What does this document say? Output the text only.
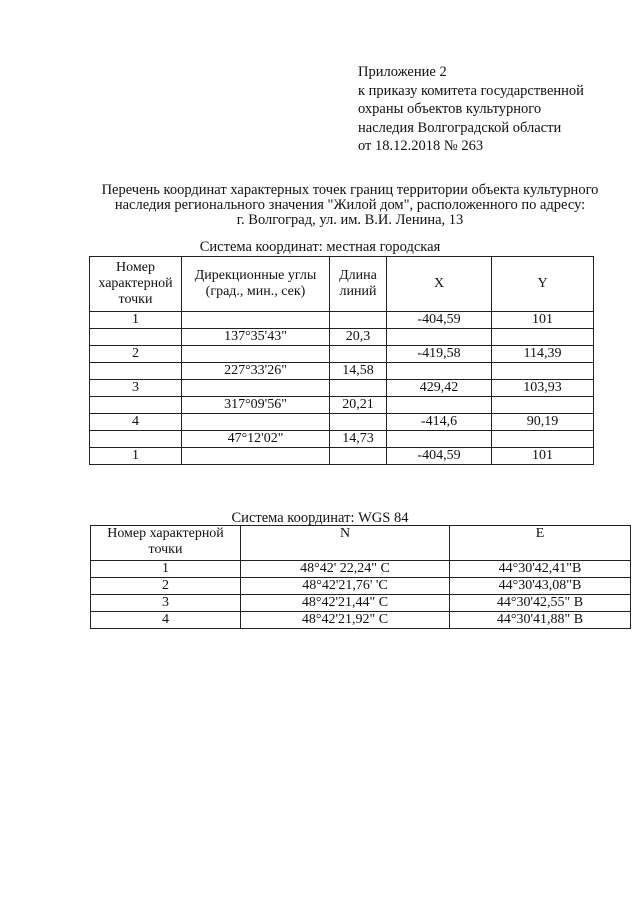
Приложение 2
к приказу комитета государственной
охраны объектов культурного
наследия Волгоградской области
от 18.12.2018 № 263
Перечень координат характерных точек границ территории объекта культурного
наследия регионального значения "Жилой дом", расположенного по адресу:
г. Волгоград, ул. им. В.И. Ленина, 13
Система координат: местная городская
Номер характерной точки	Дирекционные углы (град., мин., сек)	Длина линий	X	Y
1			-404,59	101
	137°35'43"	20,3		
2			-419,58	114,39
	227°33'26"	14,58		
3			429,42	103,93
	317°09'56"	20,21		
4			-414,6	90,19
	47°12'02"	14,73		
1			-404,59	101
Система координат: WGS 84
Номер характерной точки	N	E
1	48°42' 22,24" С	44°30'42,41"В
2	48°42'21,76' 'С	44°30'43,08"В
3	48°42'21,44" С	44°30'42,55" В
4	48°42'21,92" С	44°30'41,88" В
